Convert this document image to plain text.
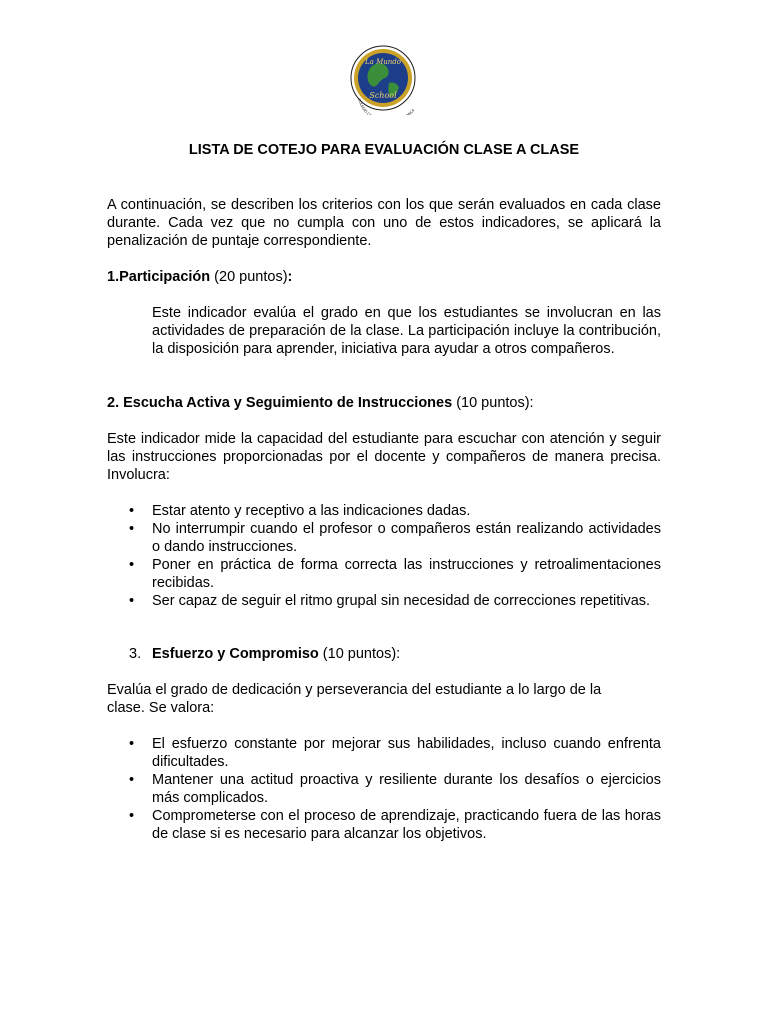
La Mundo
School
COLEGIO C MICA
LISTA DE COTEJO PARA EVALUACIÓN CLASE A CLASE

A continuación, se describen los criterios con los que serán evaluados en cada clase durante. Cada vez que no cumpla con uno de estos indicadores, se aplicará la penalización de puntaje correspondiente.

1.Participación (20 puntos):

Este indicador evalúa el grado en que los estudiantes se involucran en las actividades de preparación de la clase. La participación incluye la contribución, la disposición para aprender, iniciativa para ayudar a otros compañeros.

2. Escucha Activa y Seguimiento de Instrucciones (10 puntos):

Este indicador mide la capacidad del estudiante para escuchar con atención y seguir las instrucciones proporcionadas por el docente y compañeros de manera precisa. Involucra:

• Estar atento y receptivo a las indicaciones dadas.
• No interrumpir cuando el profesor o compañeros están realizando actividades o dando instrucciones.
• Poner en práctica de forma correcta las instrucciones y retroalimentaciones recibidas.
• Ser capaz de seguir el ritmo grupal sin necesidad de correcciones repetitivas.
3. Esfuerzo y Compromiso (10 puntos):

Evalúa el grado de dedicación y perseverancia del estudiante a lo largo de la clase. Se valora:

• El esfuerzo constante por mejorar sus habilidades, incluso cuando enfrenta dificultades.
• Mantener una actitud proactiva y resiliente durante los desafíos o ejercicios más complicados.
• Comprometerse con el proceso de aprendizaje, practicando fuera de las horas de clase si es necesario para alcanzar los objetivos.
